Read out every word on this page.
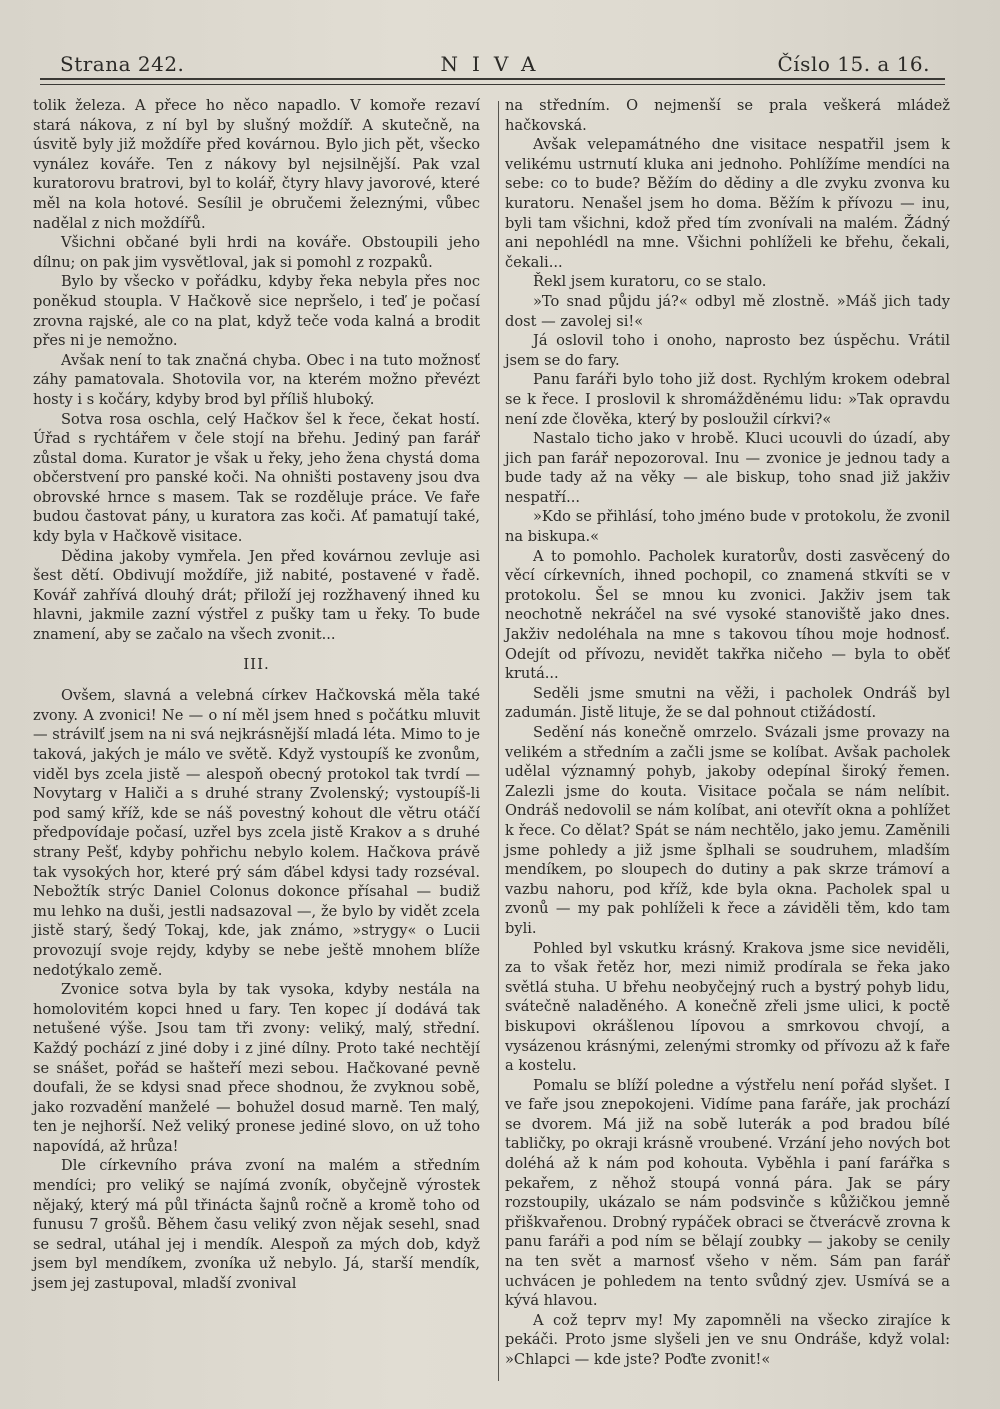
Strana 242.	NIVA	Číslo 15. a 16.

tolik železa. A přece ho něco napadlo. V komoře rezaví stará nákova, z ní byl by slušný moždíř. A skutečně, na úsvitě byly již moždíře před kovárnou. Bylo jich pět, všecko vynález kováře. Ten z nákovy byl nejsilnější. Pak vzal kuratorovu bratrovi, byl to kolář, čtyry hlavy javorové, které měl na kola hotové. Sesílil je obručemi železnými, vůbec nadělal z nich moždířů.

Všichni občané byli hrdi na kováře. Obstoupili jeho dílnu; on pak jim vysvětloval, jak si pomohl z rozpaků.

Bylo by všecko v pořádku, kdyby řeka nebyla přes noc poněkud stoupla. V Hačkově sice nepršelo, i teď je počasí zrovna rajské, ale co na plat, když teče voda kalná a brodit přes ni je nemožno.

Avšak není to tak značná chyba. Obec i na tuto možnosť záhy pamatovala. Shotovila vor, na kterém možno převézt hosty i s kočáry, kdyby brod byl příliš hluboký.

Sotva rosa oschla, celý Hačkov šel k řece, čekat hostí. Úřad s rychtářem v čele stojí na břehu. Jediný pan farář zůstal doma. Kurator je však u řeky, jeho žena chystá doma občerstvení pro panské koči. Na ohništi postaveny jsou dva obrovské hrnce s masem. Tak se rozděluje práce. Ve faře budou častovat pány, u kuratora zas koči. Ať pamatují také, kdy byla v Hačkově visitace.

Dědina jakoby vymřela. Jen před kovárnou zevluje asi šest dětí. Obdivují moždíře, již nabité, postavené v řadě. Kovář zahřívá dlouhý drát; přiloží jej rozžhavený ihned ku hlavni, jakmile zazní výstřel z pušky tam u řeky. To bude znamení, aby se začalo na všech zvonit...

III.

Ovšem, slavná a velebná církev Hačkovská měla také zvony. A zvonici! Ne — o ní měl jsem hned s počátku mluvit — strávilť jsem na ni svá nejkrásnější mladá léta. Mimo to je taková, jakých je málo ve světě. Když vystoupíš ke zvonům, viděl bys zcela jistě — alespoň obecný protokol tak tvrdí — Novytarg v Haliči a s druhé strany Zvolenský; vystoupíš-li pod samý kříž, kde se náš povestný kohout dle větru otáčí předpovídaje počasí, uzřel bys zcela jistě Krakov a s druhé strany Pešť, kdyby pohřichu nebylo kolem. Hačkova právě tak vysokých hor, které prý sám ďábel kdysi tady rozséval. Nebožtík strýc Daniel Colonus dokonce přísahal — budiž mu lehko na duši, jestli nadsazoval —, že bylo by vidět zcela jistě starý, šedý Tokaj, kde, jak známo, »strygy« o Lucii provozují svoje rejdy, kdyby se nebe ještě mnohem blíže nedotýkalo země.

Zvonice sotva byla by tak vysoka, kdyby nestála na homolovitém kopci hned u fary. Ten kopec jí dodává tak netušené výše. Jsou tam tři zvony: veliký, malý, střední. Každý pochází z jiné doby i z jiné dílny. Proto také nechtějí se snášet, pořád se hašteří mezi sebou. Hačkované pevně doufali, že se kdysi snad přece shodnou, že zvyknou sobě, jako rozvadění manželé — bohužel dosud marně. Ten malý, ten je nejhorší. Než veliký pronese jediné slovo, on už toho napovídá, až hrůza!

Dle církevního práva zvoní na malém a středním mendíci; pro veliký se najímá zvoník, obyčejně výrostek nějaký, který má půl třinácta šajnů ročně a kromě toho od funusu 7 grošů. Během času veliký zvon nějak sesehl, snad se sedral, utáhal jej i mendík. Alespoň za mých dob, když jsem byl mendíkem, zvoníka už nebylo. Já, starší mendík, jsem jej zastupoval, mladší zvonival

na středním. O nejmenší se prala veškerá mládež hačkovská.

Avšak velepamátného dne visitace nespatřil jsem k velikému ustrnutí kluka ani jednoho. Pohlížíme mendíci na sebe: co to bude? Běžím do dědiny a dle zvyku zvonva ku kuratoru. Nenašel jsem ho doma. Běžím k přívozu — inu, byli tam všichni, kdož před tím zvonívali na malém. Žádný ani nepohlédl na mne. Všichni pohlíželi ke břehu, čekali, čekali...

Řekl jsem kuratoru, co se stalo.

»To snad půjdu já?« odbyl mě zlostně. »Máš jich tady dost — zavolej si!«

Já oslovil toho i onoho, naprosto bez úspěchu. Vrátil jsem se do fary.

Panu faráři bylo toho již dost. Rychlým krokem odebral se k řece. I proslovil k shromážděnému lidu: »Tak opravdu není zde člověka, který by posloužil církvi?«

Nastalo ticho jako v hrobě. Kluci ucouvli do úzadí, aby jich pan farář nepozoroval. Inu — zvonice je jednou tady a bude tady až na věky — ale biskup, toho snad již jakživ nespatří...

»Kdo se přihlásí, toho jméno bude v protokolu, že zvonil na biskupa.«

A to pomohlo. Pacholek kuratorův, dosti zasvěcený do věcí církevních, ihned pochopil, co znamená stkvíti se v protokolu. Šel se mnou ku zvonici. Jakživ jsem tak neochotně nekráčel na své vysoké stanoviště jako dnes. Jakživ nedoléhala na mne s takovou tíhou moje hodnosť. Odejít od přívozu, nevidět takřka ničeho — byla to oběť krutá...

Seděli jsme smutni na věži, i pacholek Ondráš byl zadumán. Jistě lituje, že se dal pohnout ctižádostí.

Sedění nás konečně omrzelo. Svázali jsme provazy na velikém a středním a začli jsme se kolíbat. Avšak pacholek udělal významný pohyb, jakoby odepínal široký řemen. Zalezli jsme do kouta. Visitace počala se nám nelíbit. Ondráš nedovolil se nám kolíbat, ani otevřít okna a pohlížet k řece. Co dělat? Spát se nám nechtělo, jako jemu. Zaměnili jsme pohledy a již jsme šplhali se soudruhem, mladším mendíkem, po sloupech do dutiny a pak skrze trámoví a vazbu nahoru, pod kříž, kde byla okna. Pacholek spal u zvonů — my pak pohlíželi k řece a záviděli těm, kdo tam byli.

Pohled byl vskutku krásný. Krakova jsme sice neviděli, za to však řetěz hor, mezi nimiž prodírala se řeka jako světlá stuha. U břehu neobyčejný ruch a bystrý pohyb lidu, svátečně naladěného. A konečně zřeli jsme ulici, k poctě biskupovi okrášlenou lípovou a smrkovou chvojí, a vysázenou krásnými, zelenými stromky od přívozu až k faře a kostelu.

Pomalu se blíží poledne a výstřelu není pořád slyšet. I ve faře jsou znepokojeni. Vidíme pana faráře, jak prochází se dvorem. Má již na sobě luterák a pod bradou bílé tabličky, po okraji krásně vroubené. Vrzání jeho nových bot doléhá až k nám pod kohouta. Vyběhla i paní farářka s pekařem, z něhož stoupá vonná pára. Jak se páry rozstoupily, ukázalo se nám podsvinče s kůžičkou jemně přiškvařenou. Drobný rypáček obraci se čtverácvě zrovna k panu faráři a pod ním se bělají zoubky — jakoby se cenily na ten svět a marnosť všeho v něm. Sám pan farář uchvácen je pohledem na tento svůdný zjev. Usmívá se a kývá hlavou.

A což teprv my! My zapomněli na všecko zirajíce k pekáči. Proto jsme slyšeli jen ve snu Ondráše, když volal: »Chlapci — kde jste? Poďte zvonit!«
